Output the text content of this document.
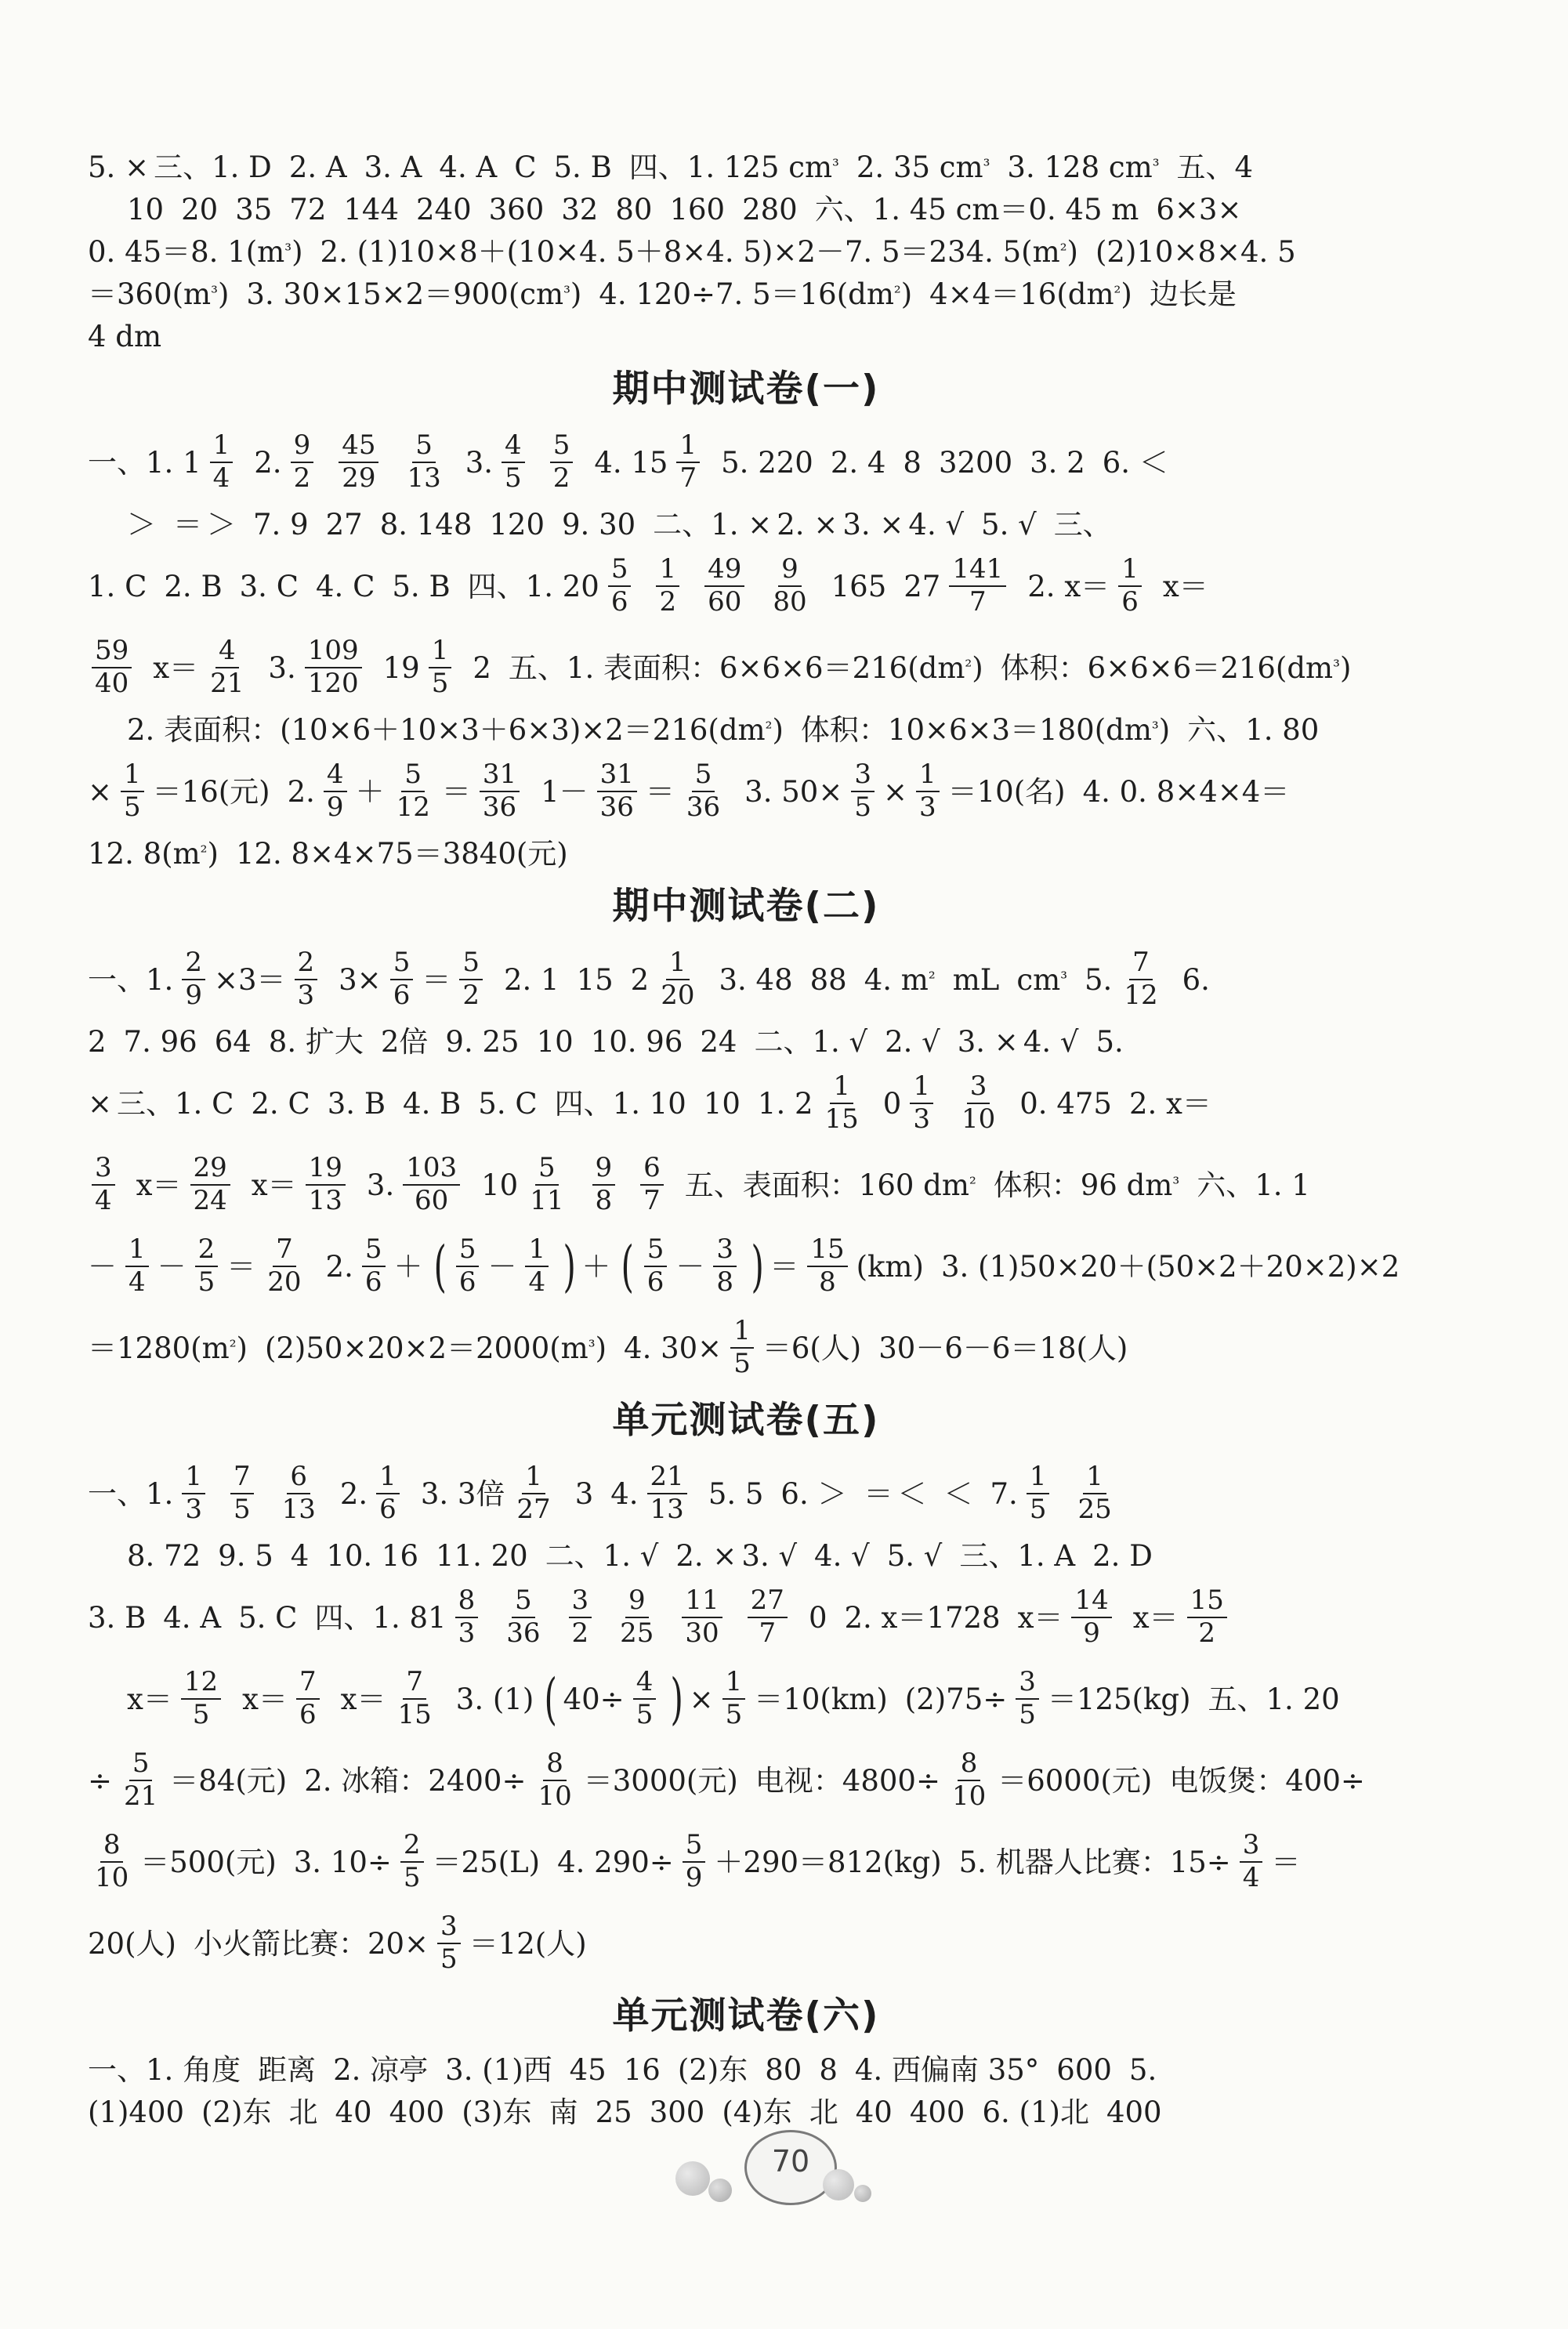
5. × 三、1. D 2. A 3. A 4. A C 5. B 四、1. 125 cm ³ 2. 35 cm ³ 3. 128 cm ³ 五、4
10 20 35 72 144 240 360 32 80 160 280 六、1. 45 cm＝0. 45 m 6×3×
0. 45＝8. 1(m ³ ) 2. (1)10×8＋(10×4. 5＋8×4. 5)×2－7. 5＝234. 5(m ² ) (2)10×8×4. 5
＝360(m ³ ) 3. 30×15×2＝900(cm ³ ) 4. 120÷7. 5＝16(dm ² ) 4×4＝16(dm ² ) 边长是
4 dm
期中测试卷(一)
一、1. $1 \frac{1}{4} 2$. $\frac{9}{2} \frac{45}{29} \frac{5}{13} 3$. $\frac{4}{5} \frac{5}{2} 4$. $15 \frac{1}{7} 5$. 220 2. 4 8 3200 3. 2 6. ＜
＞ ＝ ＞ 7. 9 27 8. 148 120 9. 30 二、1. × 2. × 3. × 4. √ 5. √ 三、
1. C 2. B 3. C 4. C 5. B 四、1. $20 \frac{5}{6} \frac{1}{2} \frac{49}{60} \frac{9}{80} 165$ $27 \frac{141}{7} 2$. $x= \frac{1}{6} x=$
$\frac{59}{40} x= \frac{4}{21} 3$. $\frac{109}{120} 19 \frac{1}{5} 2$ 五、1. 表面积：6×6×6＝216(dm ² ) 体积：6×6×6＝216(dm ³ )
2. 表面积：(10×6＋10×3＋6×3)×2＝216(dm ² ) 体积：10×6×3＝180(dm ³ ) 六、1. 80
× $\frac{1}{5} =16$(元) 2. $\frac{4}{9} + \frac{5}{12} = \frac{31}{36} 1- \frac{31}{36} = \frac{5}{36} 3$. $50\times \frac{3}{5} \times \frac{1}{3} =10$(名) 4. 0. 8×4×4＝
12. 8(m ² ) 12. 8×4×75＝3840(元)
期中测试卷(二)
一、1. $\frac{2}{9} \times 3= \frac{2}{3} 3\times \frac{5}{6} = \frac{5}{2} 2$. 1 15 $2 \frac{1}{20} 3$. 48 88 4. m ² mL cm ³ 5. $\frac{7}{12} 6$.
2 7. 96 64 8. 扩大 2倍 9. 25 10 10. 96 24 二、1. √ 2. √ 3. × 4. √ 5.
× 三、1. C 2. C 3. B 4. B 5. C 四、1. 10 10 1. $2 \frac{1}{15} 0 \frac{1}{3} \frac{3}{10} 0$. 475 2. x＝
$\frac{3}{4} x= \frac{29}{24} x= \frac{19}{13} 3$. $\frac{103}{60} 10 \frac{5}{11} \frac{9}{8} \frac{6}{7}$ 五、表面积：160 dm ² 体积：96 dm ³ 六、1. 1
－ $\frac{1}{4} - \frac{2}{5} = \frac{7}{20} 2$. $\frac{5}{6}$ ＋ ( $\frac{5}{6} - \frac{1}{4}$ ) ＋ ( $\frac{5}{6} - \frac{3}{8}$ ) ＝ $\frac{15}{8} (km)$ 3. (1)50×20＋(50×2＋20×2)×2
＝1280(m ² ) (2)50×20×2＝2000(m ³ ) 4. $30\times \frac{1}{5} =6$(人) 30－6－6＝18(人)
单元测试卷(五)
一、1. $\frac{1}{3} \frac{7}{5} \frac{6}{13} 2$. $\frac{1}{6} 3$. 3倍 $\frac{1}{27} 3$ 4. $\frac{21}{13} 5$. 5 6. ＞ ＝ ＜ ＜ 7. $\frac{1}{5} \frac{1}{25}$
8. 72 9. 5 4 10. 16 11. 20 二、1. √ 2. × 3. √ 4. √ 5. √ 三、1. A 2. D
3. B 4. A 5. C 四、1. $81 \frac{8}{3} \frac{5}{36} \frac{3}{2} \frac{9}{25} \frac{11}{30} \frac{27}{7} 0$ 2. x＝1728 $x= \frac{14}{9} x= \frac{15}{2}$
$x= \frac{12}{5} x= \frac{7}{6} x= \frac{7}{15} 3$. (1) ( $40\div \frac{4}{5}$ ) × $\frac{1}{5} =10(km)$ $(2)75\div \frac{3}{5} =125(kg)$ 五、1. 20
÷ $\frac{5}{21} =84$(元) 2. 冰箱：$2400\div \frac{8}{10} =3000$(元) 电视：$4800\div \frac{8}{10} =6000$(元) 电饭煲：400÷
$\frac{8}{10} =500$(元) 3. $10\div \frac{2}{5} =25(L)$ 4. $290\div \frac{5}{9} +290=812(kg)$ 5. 机器人比赛：$15\div \frac{3}{4}$ ＝
20(人) 小火箭比赛：$20\times \frac{3}{5} =12$(人)
单元测试卷(六)
一、1. 角度 距离 2. 凉亭 3. (1)西 45 16 (2)东 80 8 4. 西偏南 35° 600 5.
(1)400 (2)东 北 40 400 (3)东 南 25 300 (4)东 北 40 400 6. (1)北 400
70
